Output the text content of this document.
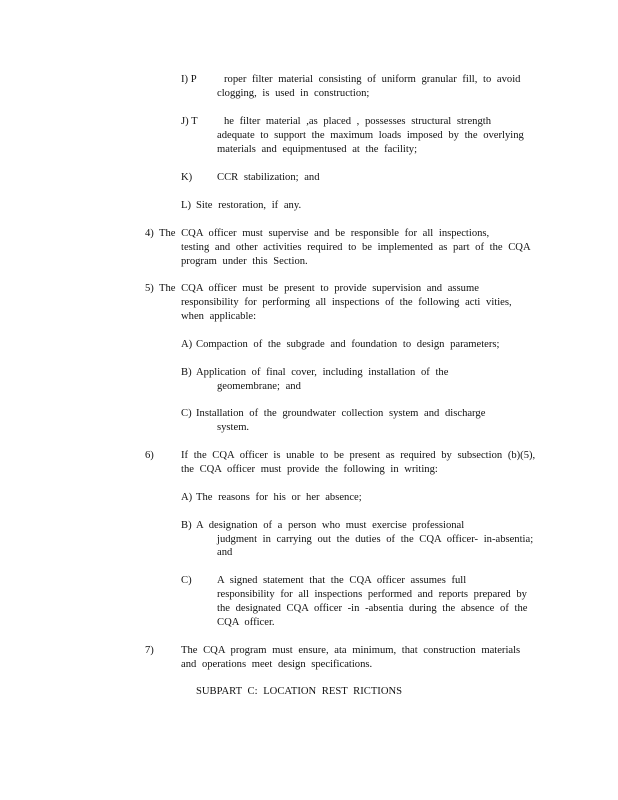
I) P	roper filter material consisting of uniform granular fill, to avoid
clogging, is used in construction;
J) T he filter material ,as placed , possesses structural strength
adequate to support the maximum loads imposed by the overlying
materials and equipmentused at the facility;
K) CCR stabilization; and
L) Site restoration, if any.
4) The CQA officer must supervise and be responsible for all inspections,
testing and other activities required to be implemented as part of the CQA
program under this Section.
5) The CQA officer must be present to provide supervision and assume
responsibility for performing all inspections of the following acti vities,
when applicable:
A) Compaction of the subgrade and foundation to design parameters;
B) Application of final cover, including installation of the
geomembrane; and
C) Installation of the groundwater collection system and discharge
system.
6)	If the CQA officer is unable to be present as required by subsection (b)(5),
the CQA officer must provide the following in writing:
A) The reasons for his or her absence;
B) A designation of a person who must exercise professional
judgment in carrying out the duties of the CQA officer- in-absentia;
and
C) A signed statement that the CQA officer assumes full
responsibility for all inspections performed and reports prepared by
the designated CQA officer -in -absentia during the absence of the
CQA officer.
7)	The CQA program must ensure, ata minimum, that construction materials
and operations meet design specifications.
SUBPART C: LOCATION REST RICTIONS
